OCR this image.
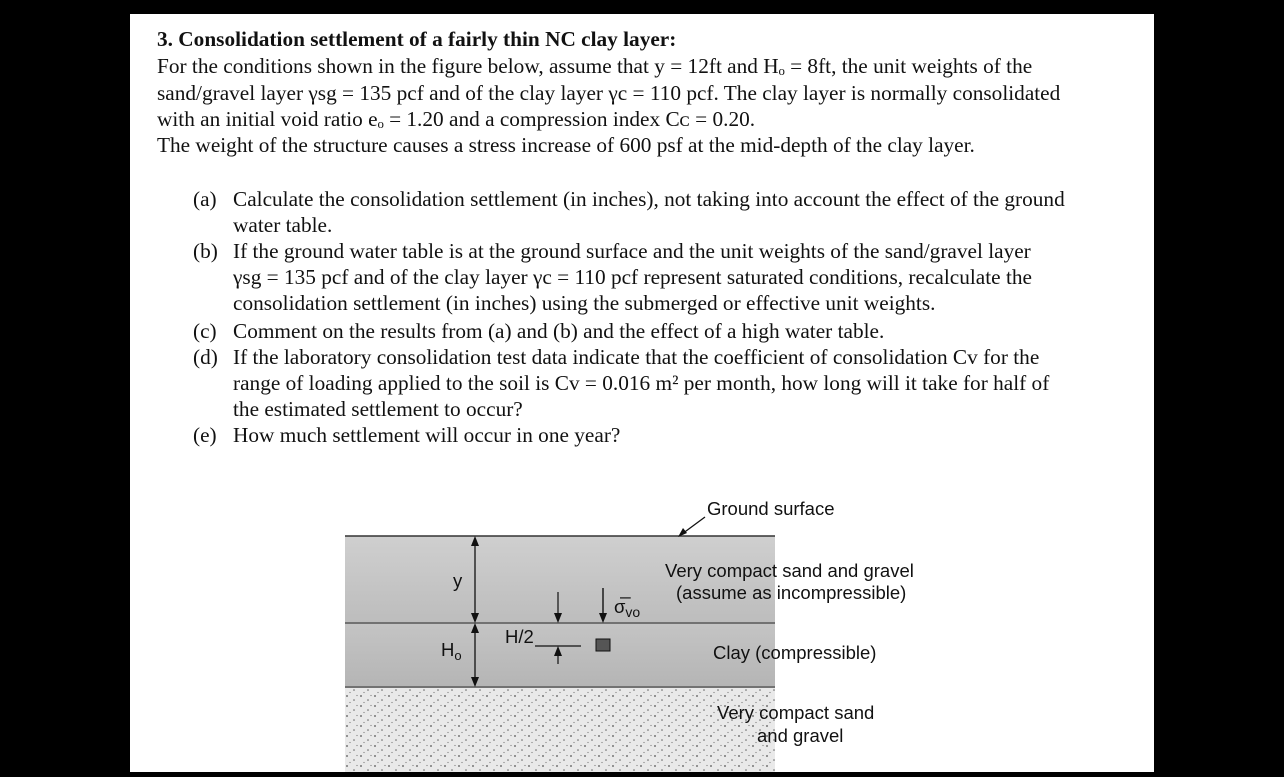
3. Consolidation settlement of a fairly thin NC clay layer:
For the conditions shown in the figure below, assume that y = 12ft and Hₒ = 8ft, the unit weights of the
sand/gravel layer γsg = 135 pcf and of the clay layer γc = 110 pcf. The clay layer is normally consolidated
with an initial void ratio eₒ = 1.20 and a compression index Cᴄ = 0.20.
The weight of the structure causes a stress increase of 600 psf at the mid-depth of the clay layer.
(a) Calculate the consolidation settlement (in inches), not taking into account the effect of the ground
water table.
(b) If the ground water table is at the ground surface and the unit weights of the sand/gravel layer
γsg = 135 pcf and of the clay layer γc = 110 pcf represent saturated conditions, recalculate the
consolidation settlement (in inches) using the submerged or effective unit weights.
(c) Comment on the results from (a) and (b) and the effect of a high water table.
(d) If the laboratory consolidation test data indicate that the coefficient of consolidation Cv for the
range of loading applied to the soil is Cv = 0.016 m² per month, how long will it take for half of
the estimated settlement to occur?
(e) How much settlement will occur in one year?
Ground surface
Very compact sand and gravel
(assume as incompressible)
Clay (compressible)
Very compact sand
and gravel
y
$H_o$
H/2
$\sigma̅_{vo}$
